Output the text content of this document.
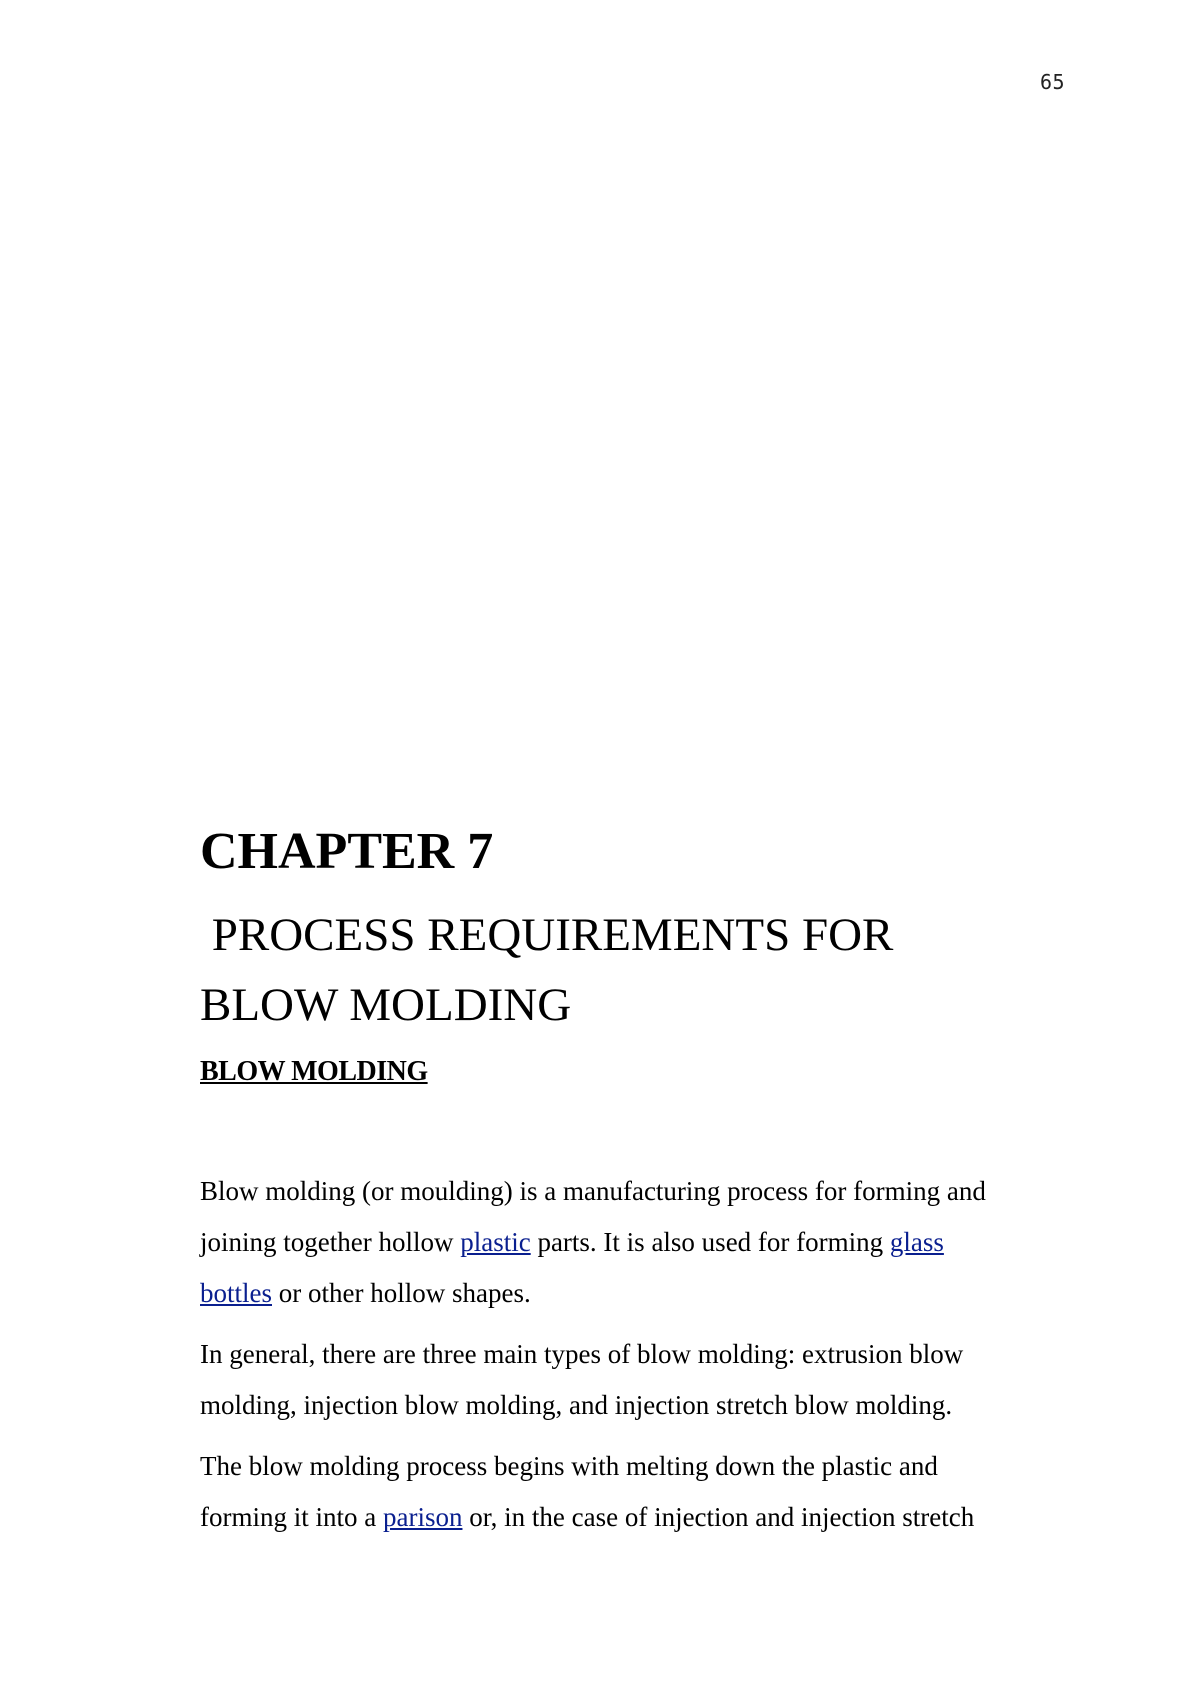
65
CHAPTER 7
PROCESS REQUIREMENTS FOR
BLOW MOLDING
BLOW MOLDING

Blow molding (or moulding) is a manufacturing process for forming and
joining together hollow plastic parts. It is also used for forming glass
bottles or other hollow shapes.

In general, there are three main types of blow molding: extrusion blow
molding, injection blow molding, and injection stretch blow molding.

The blow molding process begins with melting down the plastic and
forming it into a parison or, in the case of injection and injection stretch
